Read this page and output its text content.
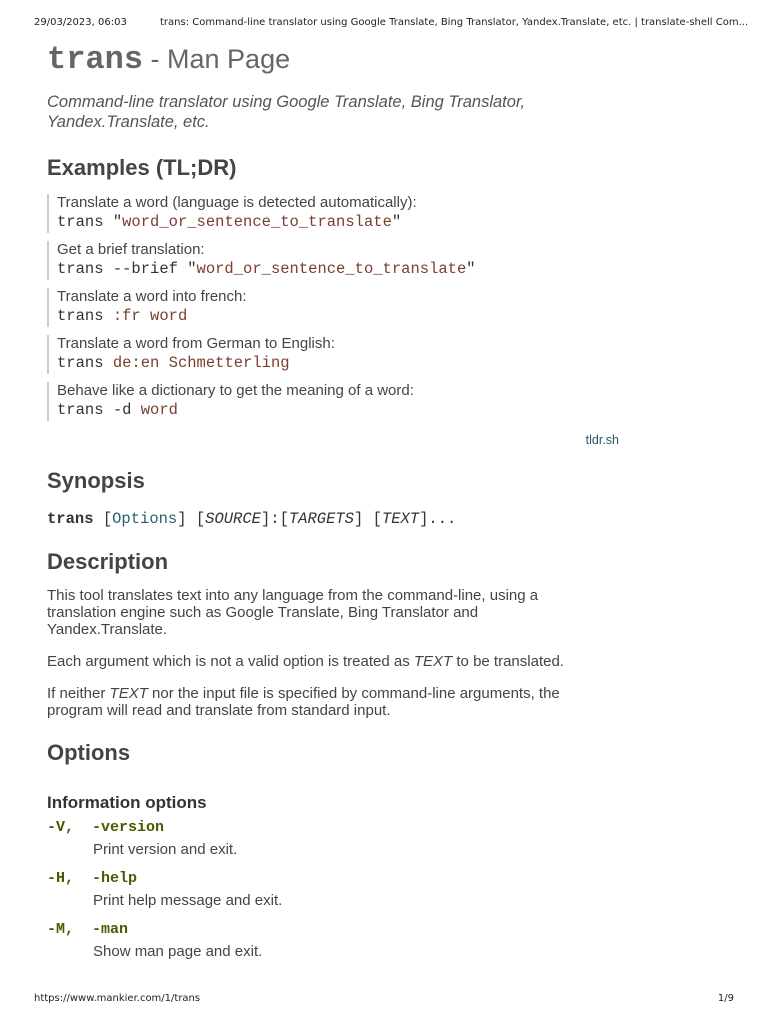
29/03/2023, 06:03	trans: Command-line translator using Google Translate, Bing Translator, Yandex.Translate, etc. | translate-shell Com...
trans - Man Page

Command-line translator using Google Translate, Bing Translator, Yandex.Translate, etc.

Examples (TL;DR)
Translate a word (language is detected automatically):
trans "word_or_sentence_to_translate"
Get a brief translation:
trans --brief "word_or_sentence_to_translate"
Translate a word into french:
trans :fr word
Translate a word from German to English:
trans de:en Schmetterling
Behave like a dictionary to get the meaning of a word:
trans -d word
tldr.sh
Synopsis
trans [Options] [SOURCE]:[TARGETS] [TEXT]...
Description

This tool translates text into any language from the command-line, using a translation engine such as Google Translate, Bing Translator and Yandex.Translate.

Each argument which is not a valid option is treated as TEXT to be translated.

If neither TEXT nor the input file is specified by command-line arguments, the program will read and translate from standard input.

Options
Information options
-V,  -version
Print version and exit.
-H,  -help
Print help message and exit.
-M,  -man
Show man page and exit.
https://www.mankier.com/1/trans	1/9
